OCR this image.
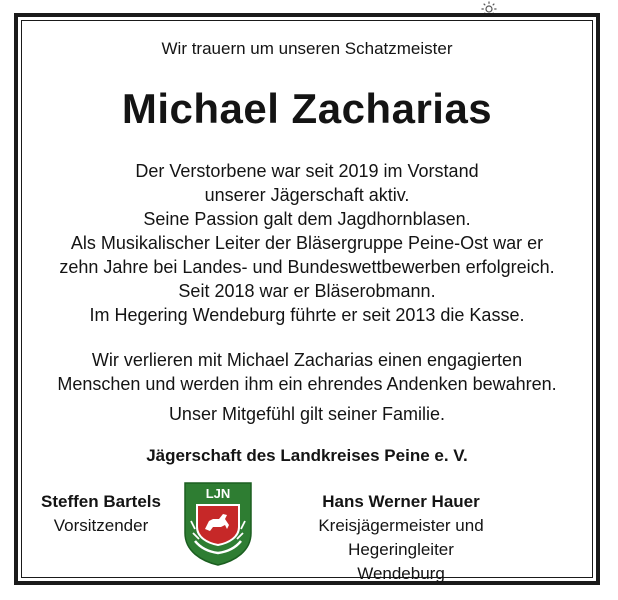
Wir trauern um unseren Schatzmeister
Michael Zacharias
Der Verstorbene war seit 2019 im Vorstand
unserer Jägerschaft aktiv.
Seine Passion galt dem Jagdhornblasen.
Als Musikalischer Leiter der Bläsergruppe Peine-Ost war er
zehn Jahre bei Landes- und Bundeswettbewerben erfolgreich.
Seit 2018 war er Bläserobmann.
Im Hegering Wendeburg führte er seit 2013 die Kasse.
Wir verlieren mit Michael Zacharias einen engagierten
Menschen und werden ihm ein ehrendes Andenken bewahren.
Unser Mitgefühl gilt seiner Familie.
Jägerschaft des Landkreises Peine e. V.
Steffen Bartels
Vorsitzender
LJN	Hans Werner Hauer
Kreisjägermeister und Hegeringleiter
Wendeburg
